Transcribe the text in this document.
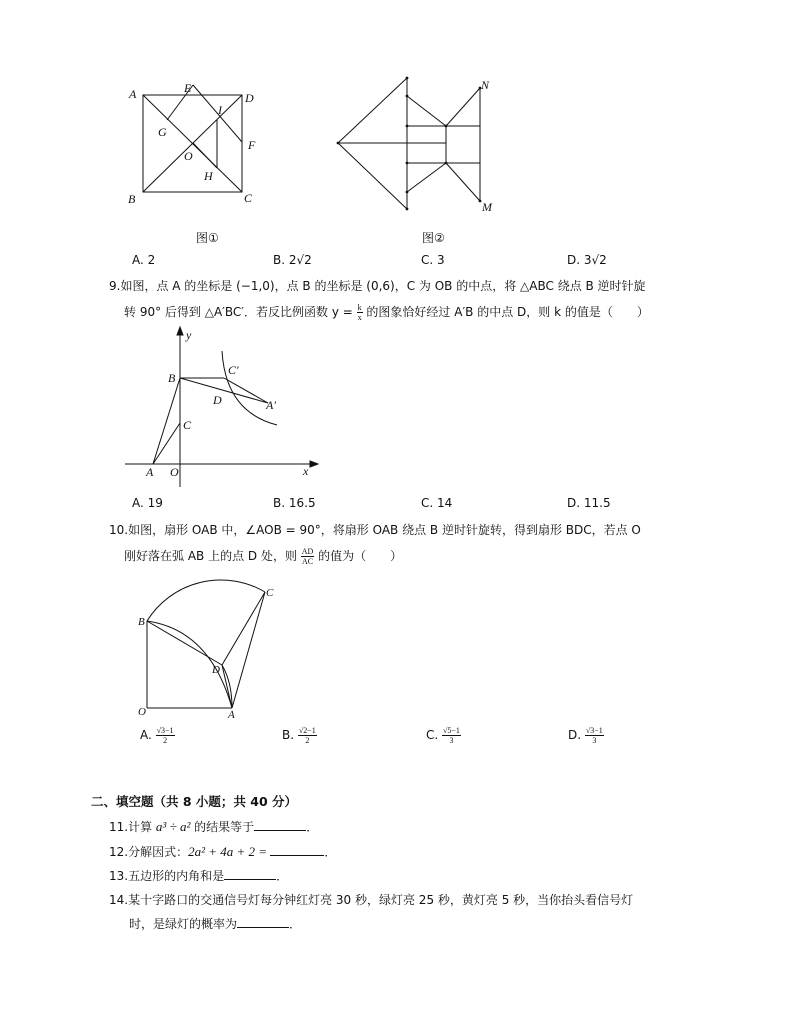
A	E
D
I
G
O
F
H
B	C
图①
N
M
图②
A. 2	B. 2√2	C. 3	D. 3√2
9.如图，点 A 的坐标是 (−1,0)，点 B 的坐标是 (0,6)，C 为 OB 的中点，将 △ABC 绕点 B 逆时针旋
转 90° 后得到 △A′BC′．若反比例函数 $y = \frac{k}{x}$ 的图象恰好经过 A′B 的中点 D，则 k 的值是（　　）
y
x
B
C′
D	A′
C
A O
A. 19	B. 16.5	C. 14	D. 11.5
10.如图，扇形 OAB 中，∠AOB = 90°，将扇形 OAB 绕点 B 逆时针旋转，得到扇形 BDC，若点 O
刚好落在弧 AB 上的点 D 处，则 $\frac{AD}{AC}$ 的值为（　　）
B
C
D
O	A
A. $\frac{√3-1}{2}$	B. $\frac{√2-1}{2}$	C. $\frac{√5-1}{3}$	D. $\frac{√3-1}{3}$
二、填空题（共 8 小题；共 40 分）
11.计算 a³ ÷ a² 的结果等于	．
12.分解因式：2a² + 4a + 2 =	．
13.五边形的内角和是	．
14.某十字路口的交通信号灯每分钟红灯亮 30 秒，绿灯亮 25 秒，黄灯亮 5 秒，当你抬头看信号灯
时，是绿灯的概率为	．
